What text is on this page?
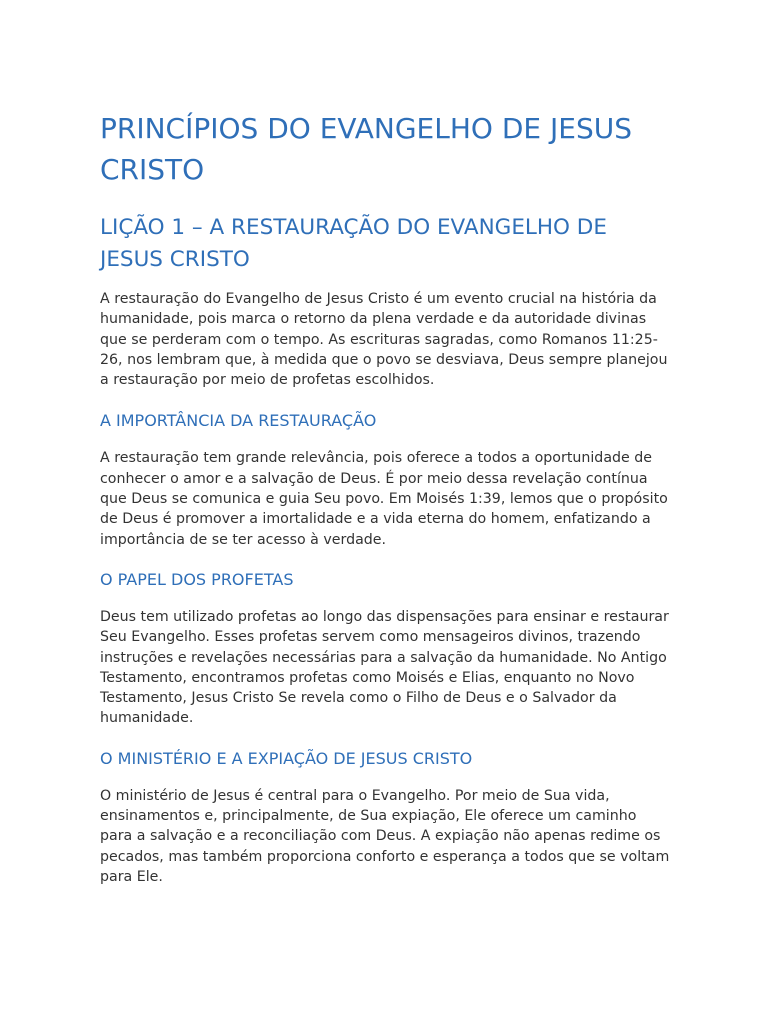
PRINCÍPIOS DO EVANGELHO DE JESUS CRISTO
LIÇÃO 1 – A RESTAURAÇÃO DO EVANGELHO DE JESUS CRISTO

A restauração do Evangelho de Jesus Cristo é um evento crucial na história da humanidade, pois marca o retorno da plena verdade e da autoridade divinas que se perderam com o tempo. As escrituras sagradas, como Romanos 11:25-26, nos lembram que, à medida que o povo se desviava, Deus sempre planejou a restauração por meio de profetas escolhidos.

A IMPORTÂNCIA DA RESTAURAÇÃO

A restauração tem grande relevância, pois oferece a todos a oportunidade de conhecer o amor e a salvação de Deus. É por meio dessa revelação contínua que Deus se comunica e guia Seu povo. Em Moisés 1:39, lemos que o propósito de Deus é promover a imortalidade e a vida eterna do homem, enfatizando a importância de se ter acesso à verdade.

O PAPEL DOS PROFETAS

Deus tem utilizado profetas ao longo das dispensações para ensinar e restaurar Seu Evangelho. Esses profetas servem como mensageiros divinos, trazendo instruções e revelações necessárias para a salvação da humanidade. No Antigo Testamento, encontramos profetas como Moisés e Elias, enquanto no Novo Testamento, Jesus Cristo Se revela como o Filho de Deus e o Salvador da humanidade.

O MINISTÉRIO E A EXPIAÇÃO DE JESUS CRISTO

O ministério de Jesus é central para o Evangelho. Por meio de Sua vida, ensinamentos e, principalmente, de Sua expiação, Ele oferece um caminho para a salvação e a reconciliação com Deus. A expiação não apenas redime os pecados, mas também proporciona conforto e esperança a todos que se voltam para Ele.
